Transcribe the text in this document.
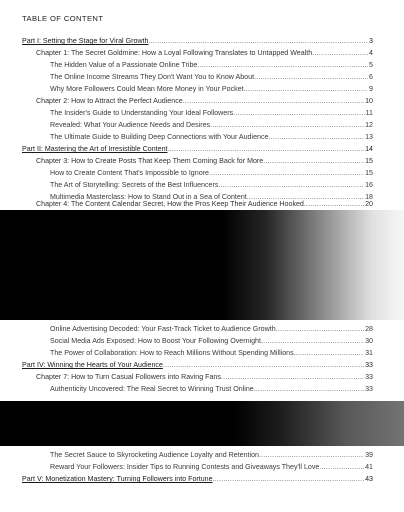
TABLE OF CONTENT
Part I: Setting the Stage for Viral Growth .....	3
Chapter 1: The Secret Goldmine: How a Loyal Following Translates to Untapped Wealth .....	4
The Hidden Value of a Passionate Online Tribe .....	5
The Online Income Streams They Don't Want You to Know About .....	6
Why More Followers Could Mean More Money in Your Pocket .....	9
Chapter 2: How to Attract the Perfect Audience .....	10
The Insider's Guide to Understanding Your Ideal Followers .....	11
Revealed: What Your Audience Needs and Desires .....	12
The Ultimate Guide to Building Deep Connections with Your Audience .....	13
Part II: Mastering the Art of Irresistible Content .....	14
Chapter 3: How to Create Posts That Keep Them Coming Back for More .....	15
How to Create Content That's Impossible to Ignore .....	15
The Art of Storytelling: Secrets of the Best Influencers .....	16
Multimedia Masterclass: How to Stand Out in a Sea of Content .....	18
Chapter 4: The Content Calendar Secret, How the Pros Keep Their Audience Hooked .....	20
Online Advertising Decoded: Your Fast-Track Ticket to Audience Growth .....	28
Social Media Ads Exposed: How to Boost Your Following Overnight .....	30
The Power of Collaboration: How to Reach Millions Without Spending Millions .....	31
Part IV: Winning the Hearts of Your Audience .....	33
Chapter 7: How to Turn Casual Followers into Raving Fans .....	33
Authenticity Uncovered: The Real Secret to Winning Trust Online .....	33
The Secret Sauce to Skyrocketing Audience Loyalty and Retention .....	39
Reward Your Followers: Insider Tips to Running Contests and Giveaways They'll Love .....	41
Part V: Monetization Mastery: Turning Followers into Fortune .....	43
